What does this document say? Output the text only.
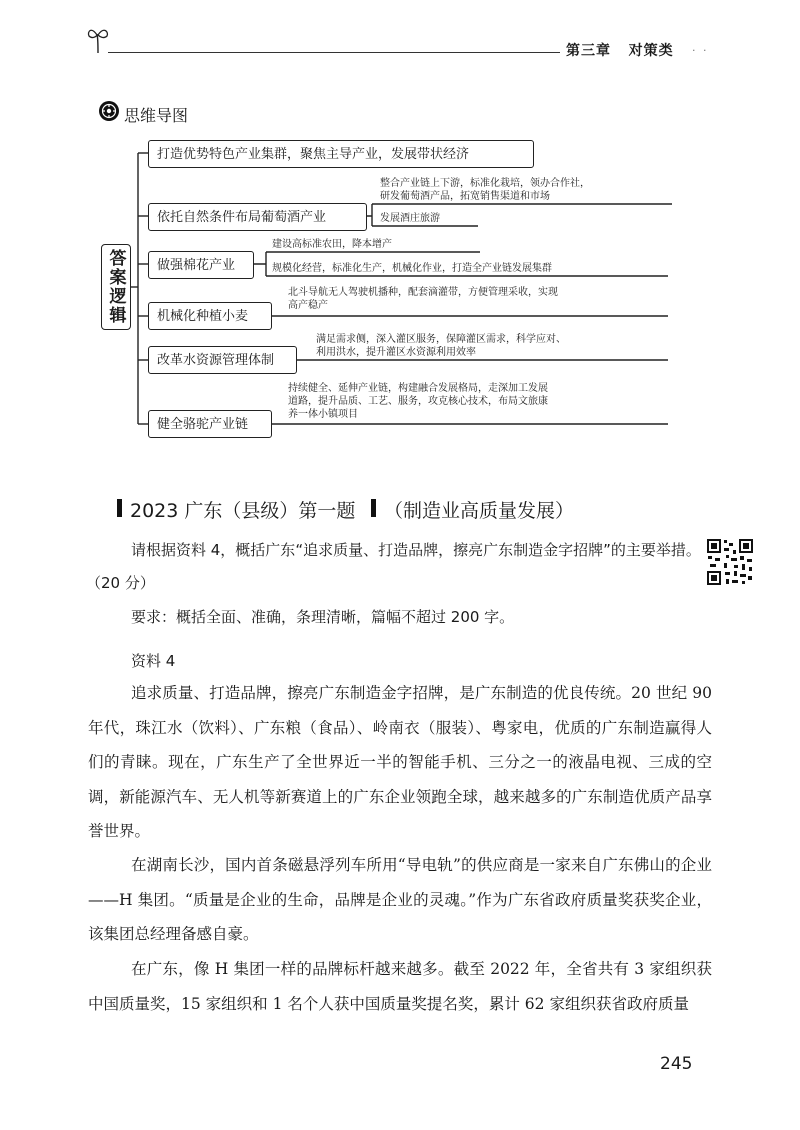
第三章 对策类 · ·
思维导图
答案逻辑
打造优势特色产业集群，聚焦主导产业，发展带状经济
依托自然条件布局葡萄酒产业
做强棉花产业
机械化种植小麦
改革水资源管理体制
健全骆驼产业链
整合产业链上下游，标准化栽培，领办合作社，
研发葡萄酒产品，拓宽销售渠道和市场
发展酒庄旅游
建设高标准农田，降本增产
规模化经营，标准化生产，机械化作业，打造全产业链发展集群
北斗导航无人驾驶机播种，配套滴灌带，方便管理采收，实现
高产稳产
满足需求侧，深入灌区服务，保障灌区需求，科学应对、
利用洪水，提升灌区水资源利用效率
持续健全、延伸产业链，构建融合发展格局，走深加工发展
道路，提升品质、工艺、服务，攻克核心技术，布局文旅康
养一体小镇项目
2023 广东（县级）第一题 （制造业高质量发展）
请根据资料 4，概括广东“追求质量、打造品牌，擦亮广东制造金字招牌”的主要举措。
（20 分）
要求：概括全面、准确，条理清晰，篇幅不超过 200 字。
资料 4
追求质量、打造品牌，擦亮广东制造金字招牌，是广东制造的优良传统。20 世纪 90 年代，珠江水（饮料）、广东粮（食品）、岭南衣（服装）、粤家电，优质的广东制造赢得人们的青睐。现在，广东生产了全世界近一半的智能手机、三分之一的液晶电视、三成的空调，新能源汽车、无人机等新赛道上的广东企业领跑全球，越来越多的广东制造优质产品享誉世界。
在湖南长沙，国内首条磁悬浮列车所用“导电轨”的供应商是一家来自广东佛山的企业——H 集团。“质量是企业的生命，品牌是企业的灵魂。”作为广东省政府质量奖获奖企业，该集团总经理备感自豪。
在广东，像 H 集团一样的品牌标杆越来越多。截至 2022 年，全省共有 3 家组织获中国质量奖，15 家组织和 1 名个人获中国质量奖提名奖，累计 62 家组织获省政府质量
245
